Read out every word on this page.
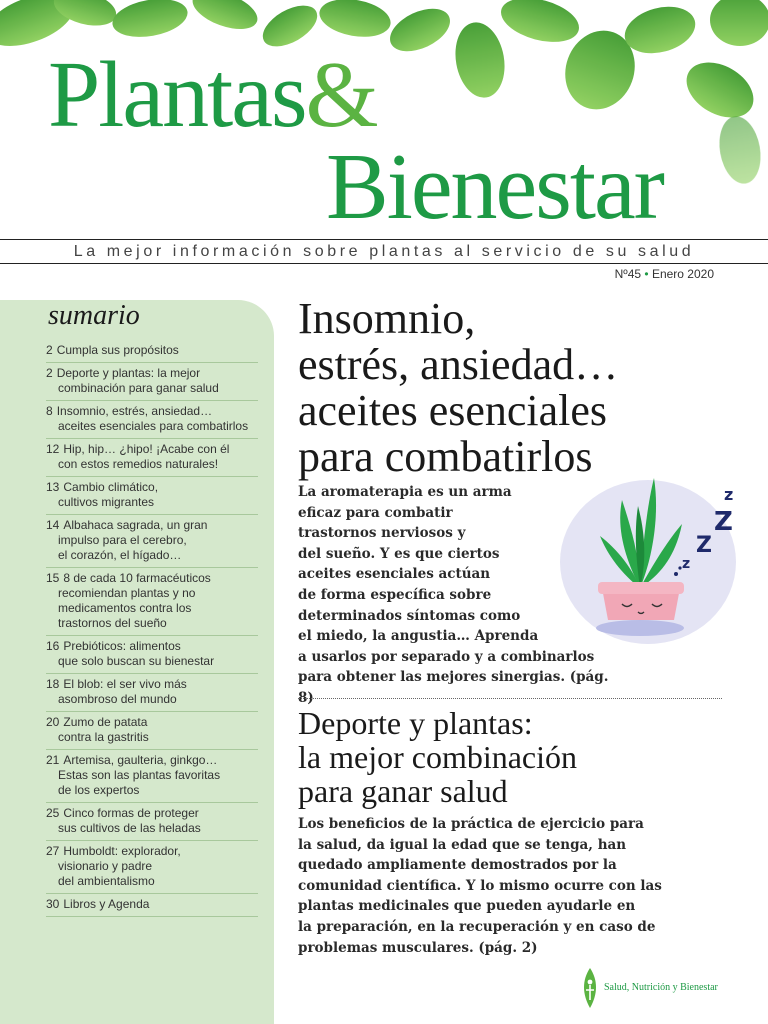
Plantas&
Bienestar
La mejor información sobre plantas al servicio de su salud
Nº45 • Enero 2020
sumario
2 Cumpla sus propósitos
2 Deporte y plantas: la mejor
combinación para ganar salud
8 Insomnio, estrés, ansiedad…
aceites esenciales para combatirlos
12 Hip, hip… ¿hipo! ¡Acabe con él
con estos remedios naturales!
13 Cambio climático,
cultivos migrantes
14 Albahaca sagrada, un gran
impulso para el cerebro,
el corazón, el hígado…
15 8 de cada 10 farmacéuticos
recomiendan plantas y no
medicamentos contra los
trastornos del sueño
16 Prebióticos: alimentos
que solo buscan su bienestar
18 El blob: el ser vivo más
asombroso del mundo
20 Zumo de patata
contra la gastritis
21 Artemisa, gaulteria, ginkgo…
Estas son las plantas favoritas
de los expertos
25 Cinco formas de proteger
sus cultivos de las heladas
27 Humboldt: explorador,
visionario y padre
del ambientalismo
30 Libros y Agenda
Insomnio,
estrés, ansiedad…
aceites esenciales
para combatirlos

La aromaterapia es un arma
eficaz para combatir
trastornos nerviosos y
del sueño. Y es que ciertos
aceites esenciales actúan
de forma específica sobre
determinados síntomas como
el miedo, la angustia… Aprenda
a usarlos por separado y a combinarlos
para obtener las mejores sinergias. (pág. 8)

z
Z
Z
z
Deporte y plantas:
la mejor combinación
para ganar salud

Los beneficios de la práctica de ejercicio para
la salud, da igual la edad que se tenga, han
quedado ampliamente demostrados por la
comunidad científica. Y lo mismo ocurre con las
plantas medicinales que pueden ayudarle en
la preparación, en la recuperación y en caso de
problemas musculares. (pág. 2)

Salud, Nutrición y Bienestar
